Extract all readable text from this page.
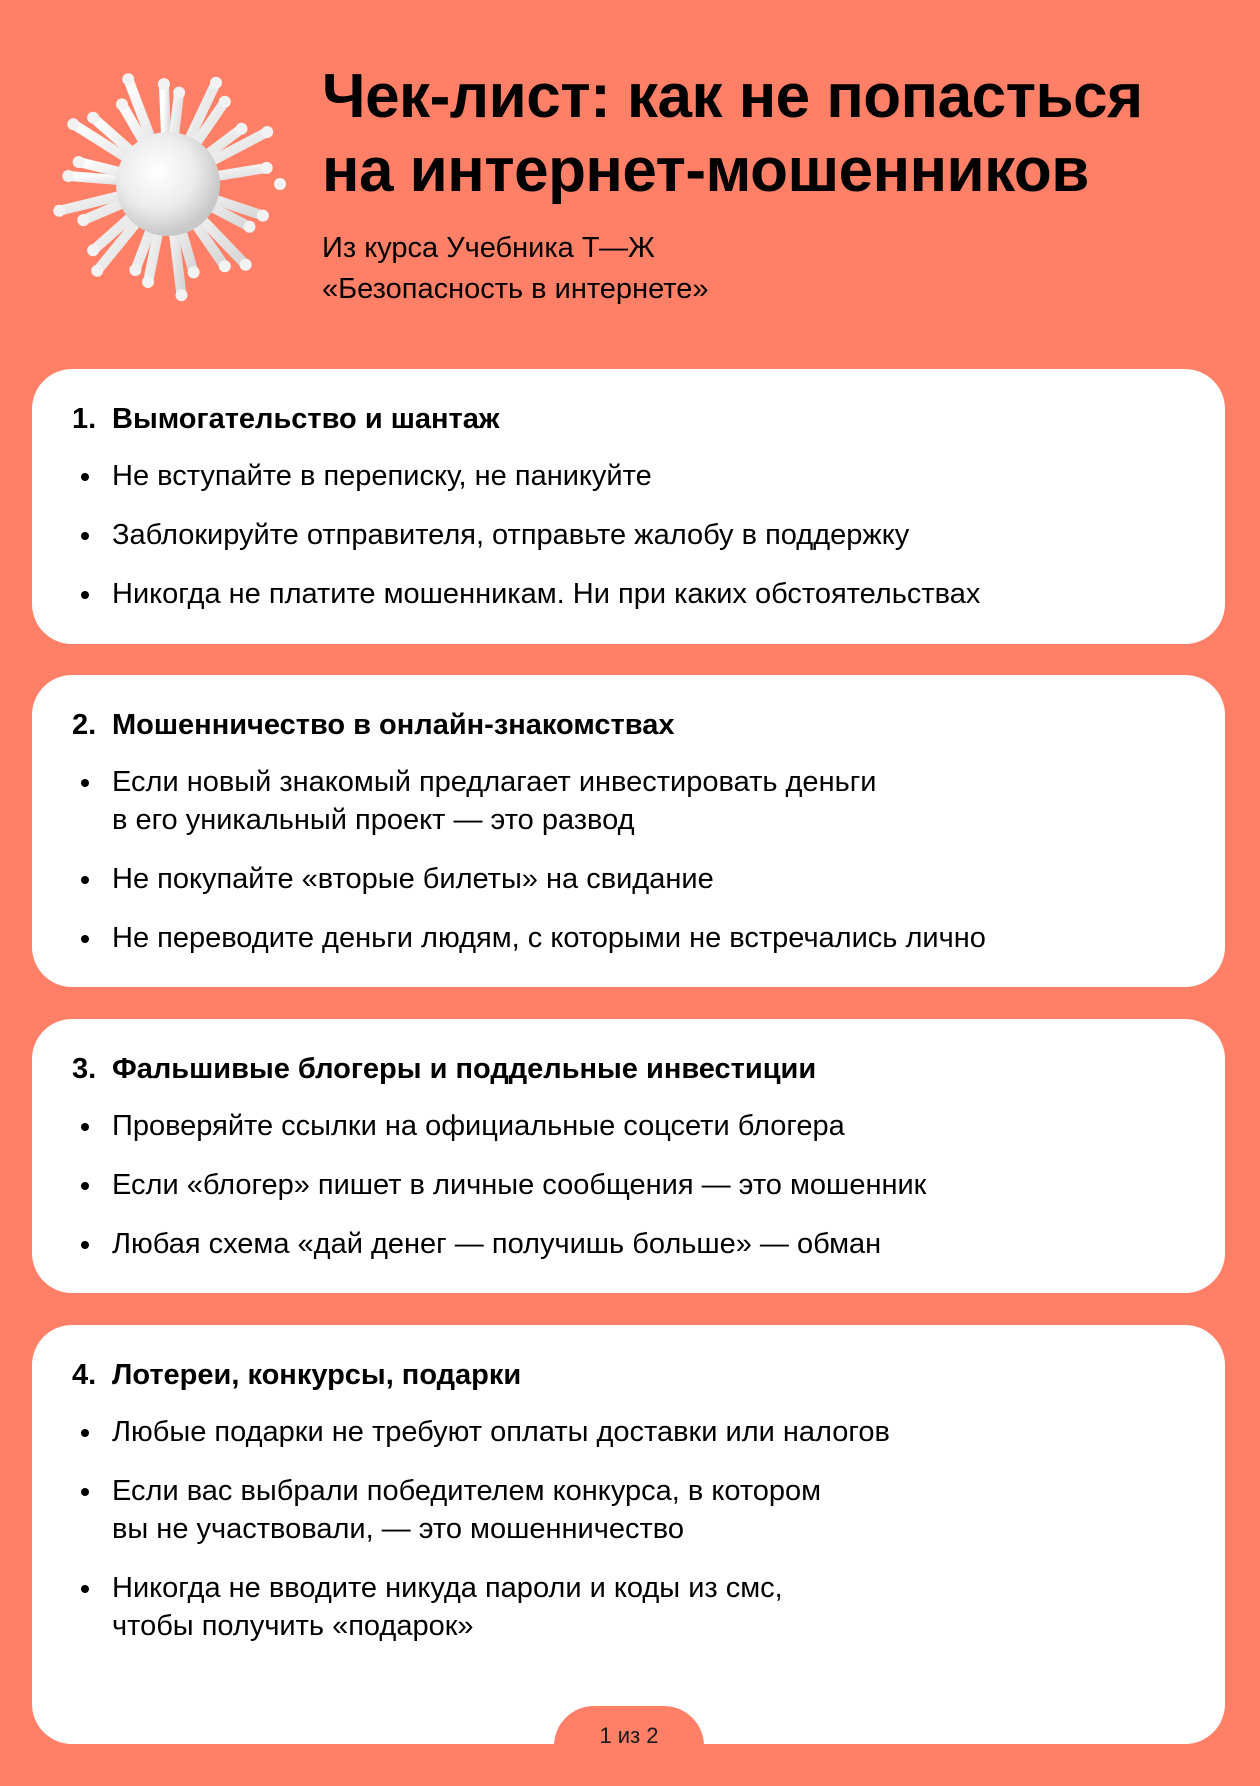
Чек-лист: как не попасться
на интернет-мошенников
Из курса Учебника Т—Ж
«Безопасность в интернете»
1. Вымогательство и шантаж
Не вступайте в переписку, не паникуйте
Заблокируйте отправителя, отправьте жалобу в поддержку
Никогда не платите мошенникам. Ни при каких обстоятельствах
2. Мошенничество в онлайн-знакомствах
Если новый знакомый предлагает инвестировать деньги
в его уникальный проект — это развод
Не покупайте «вторые билеты» на свидание
Не переводите деньги людям, с которыми не встречались лично
3. Фальшивые блогеры и поддельные инвестиции
Проверяйте ссылки на официальные соцсети блогера
Если «блогер» пишет в личные сообщения — это мошенник
Любая схема «дай денег — получишь больше» — обман
4. Лотереи, конкурсы, подарки
Любые подарки не требуют оплаты доставки или налогов
Если вас выбрали победителем конкурса, в котором
вы не участвовали, — это мошенничество
Никогда не вводите никуда пароли и коды из смс,
чтобы получить «подарок»
1 из 2
